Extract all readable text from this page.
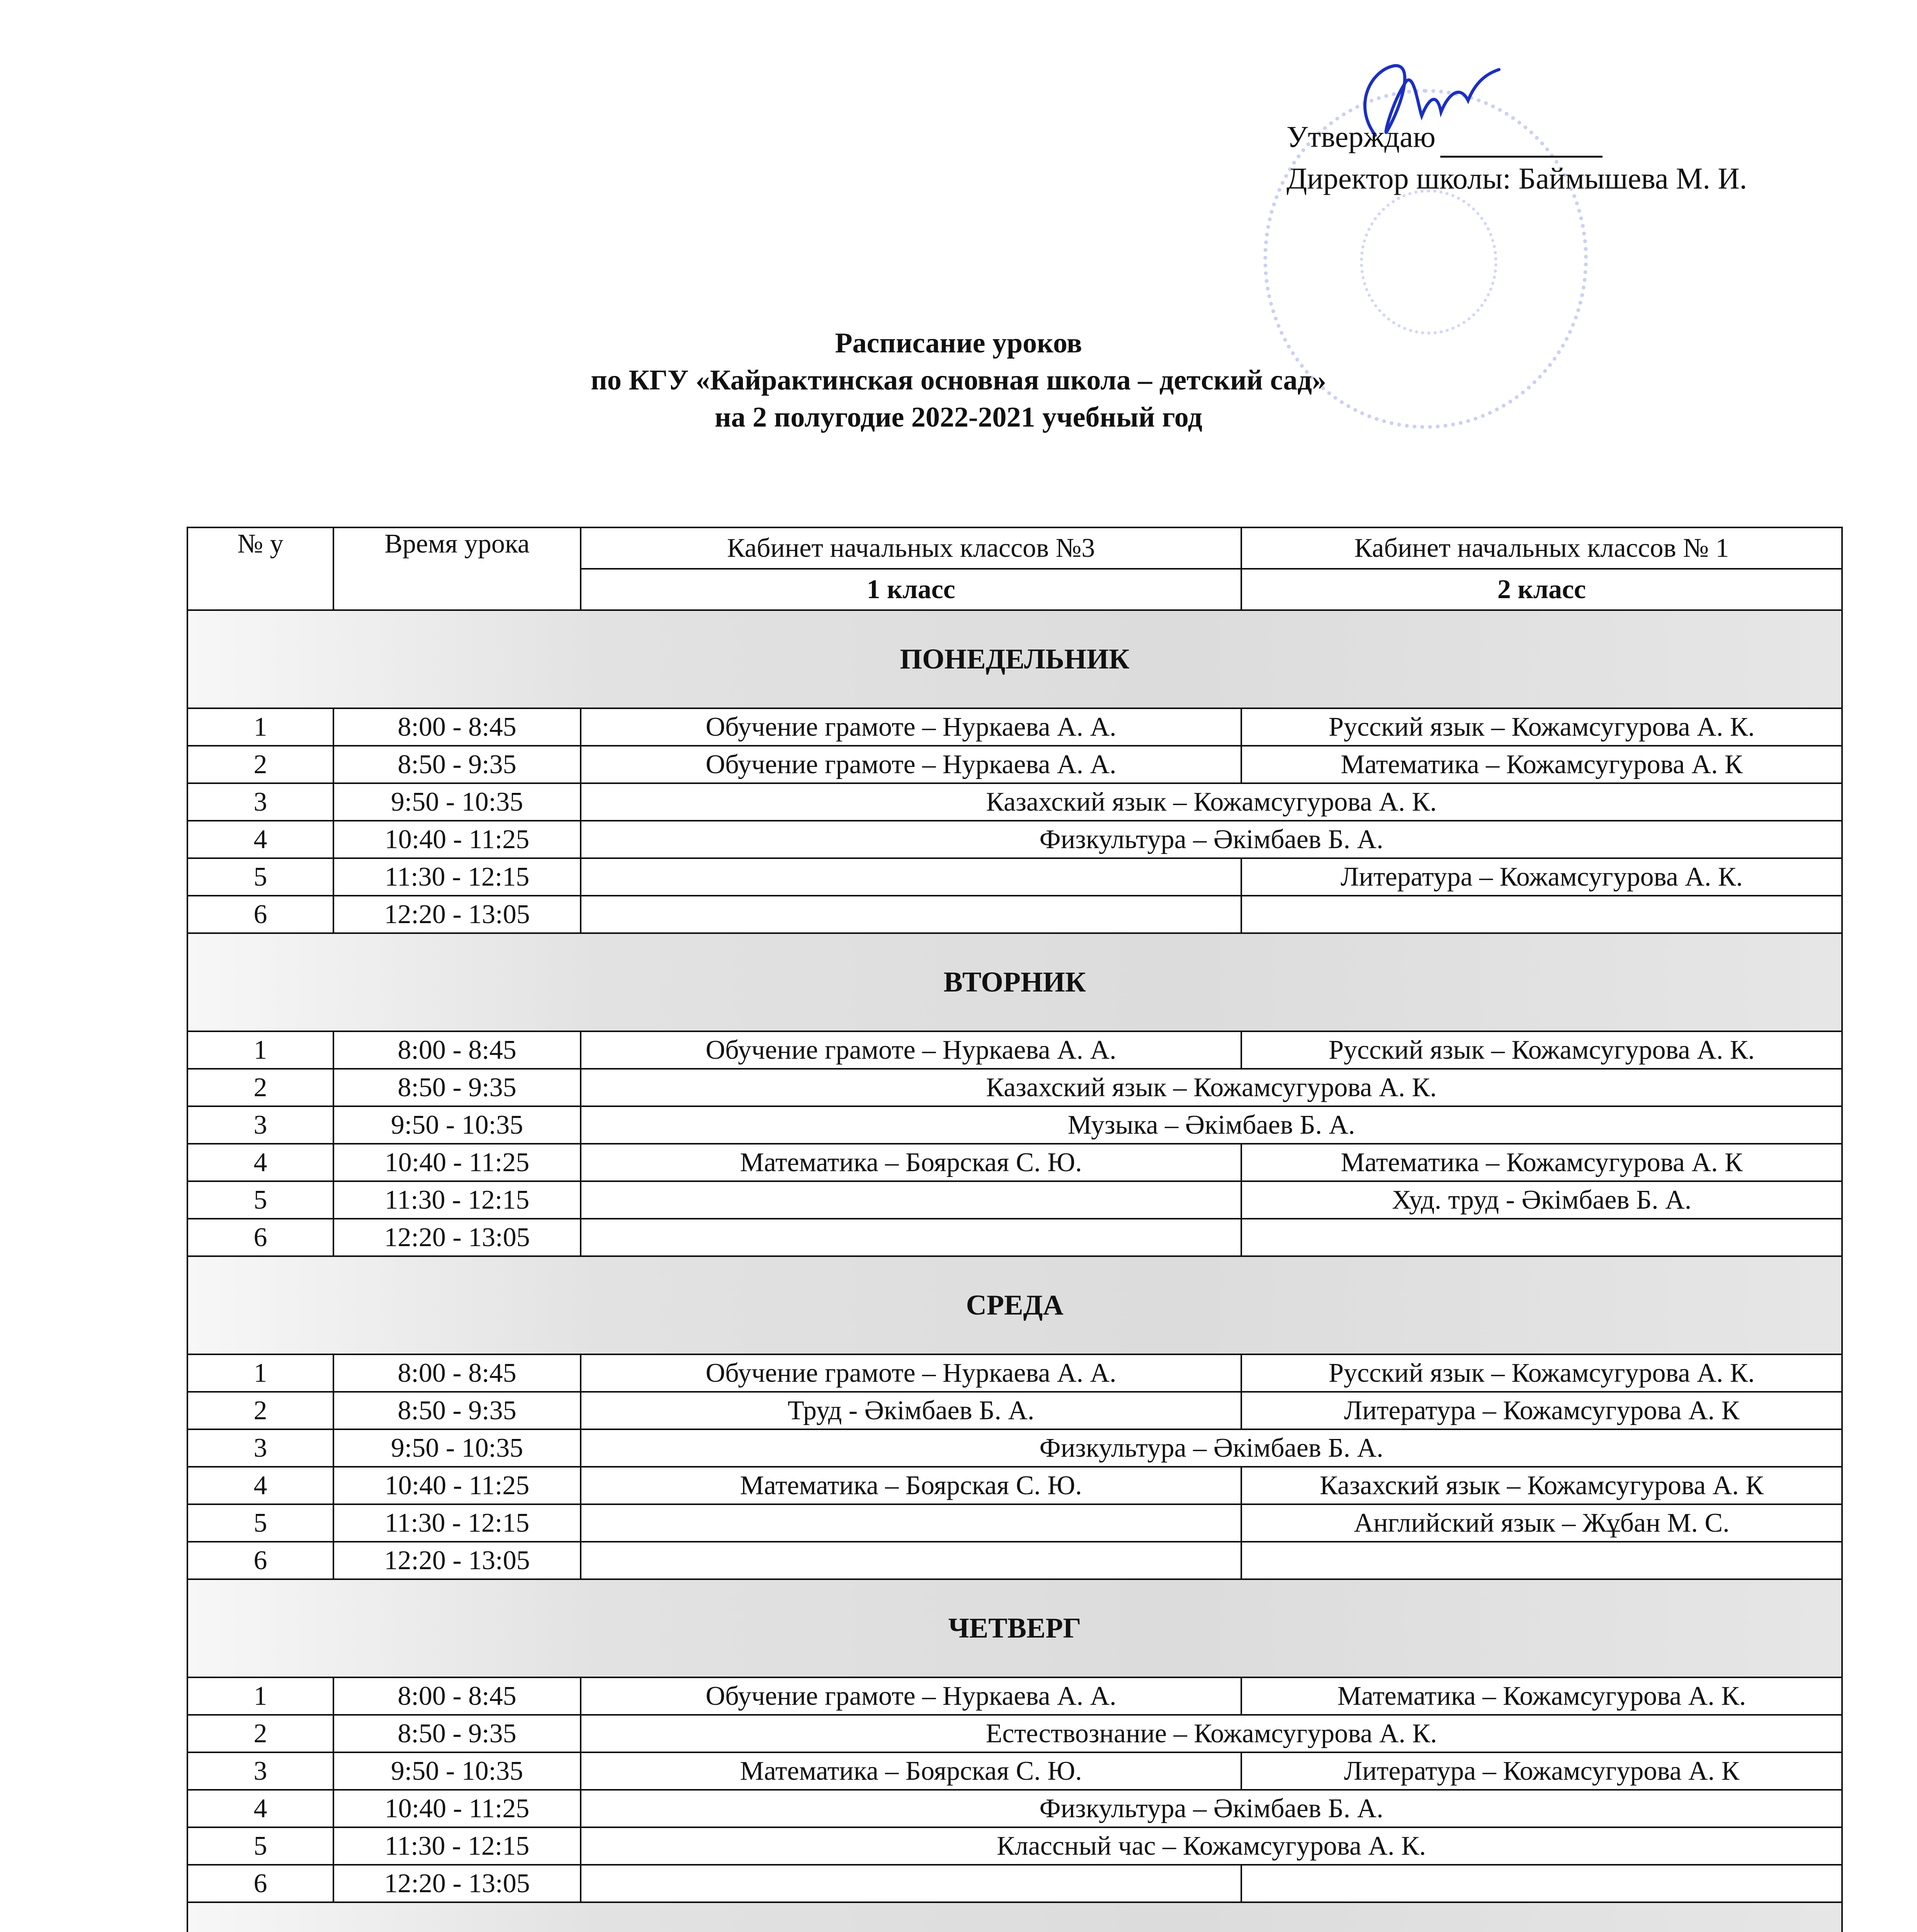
Утверждаю
Директор школы: Баймышева М. И.
Расписание уроков
по КГУ «Кайрактинская основная школа – детский сад»
на 2 полугодие 2022-2021 учебный год
№ у	Время урока	Кабинет начальных классов №3	Кабинет начальных классов № 1
		1 класс	2 класс
ПОНЕДЕЛЬНИК			
1	8:00 - 8:45	Обучение грамоте – Нуркаева А. А.	Русский язык – Кожамсугурова А. К.
2	8:50 - 9:35	Обучение грамоте – Нуркаева А. А.	Математика – Кожамсугурова А. К
3	9:50 - 10:35	Казахский язык – Кожамсугурова А. К.	
4	10:40 - 11:25	Физкультура – Әкімбаев Б. А.	
5	11:30 - 12:15		Литература – Кожамсугурова А. К.
6	12:20 - 13:05		
ВТОРНИК			
1	8:00 - 8:45	Обучение грамоте – Нуркаева А. А.	Русский язык – Кожамсугурова А. К.
2	8:50 - 9:35	Казахский язык – Кожамсугурова А. К.	
3	9:50 - 10:35	Музыка – Әкімбаев Б. А.	
4	10:40 - 11:25	Математика – Боярская С. Ю.	Математика – Кожамсугурова А. К
5	11:30 - 12:15		Худ. труд - Әкімбаев Б. А.
6	12:20 - 13:05		
СРЕДА			
1	8:00 - 8:45	Обучение грамоте – Нуркаева А. А.	Русский язык – Кожамсугурова А. К.
2	8:50 - 9:35	Труд - Әкімбаев Б. А.	Литература – Кожамсугурова А. К
3	9:50 - 10:35	Физкультура – Әкімбаев Б. А.	
4	10:40 - 11:25	Математика – Боярская С. Ю.	Казахский язык – Кожамсугурова А. К
5	11:30 - 12:15		Английский язык – Жұбан М. С.
6	12:20 - 13:05		
ЧЕТВЕРГ			
1	8:00 - 8:45	Обучение грамоте – Нуркаева А. А.	Математика – Кожамсугурова А. К.
2	8:50 - 9:35	Естествознание – Кожамсугурова А. К.	
3	9:50 - 10:35	Математика – Боярская С. Ю.	Литература – Кожамсугурова А. К
4	10:40 - 11:25	Физкультура – Әкімбаев Б. А.	
5	11:30 - 12:15	Классный час – Кожамсугурова А. К.	
6	12:20 - 13:05		
